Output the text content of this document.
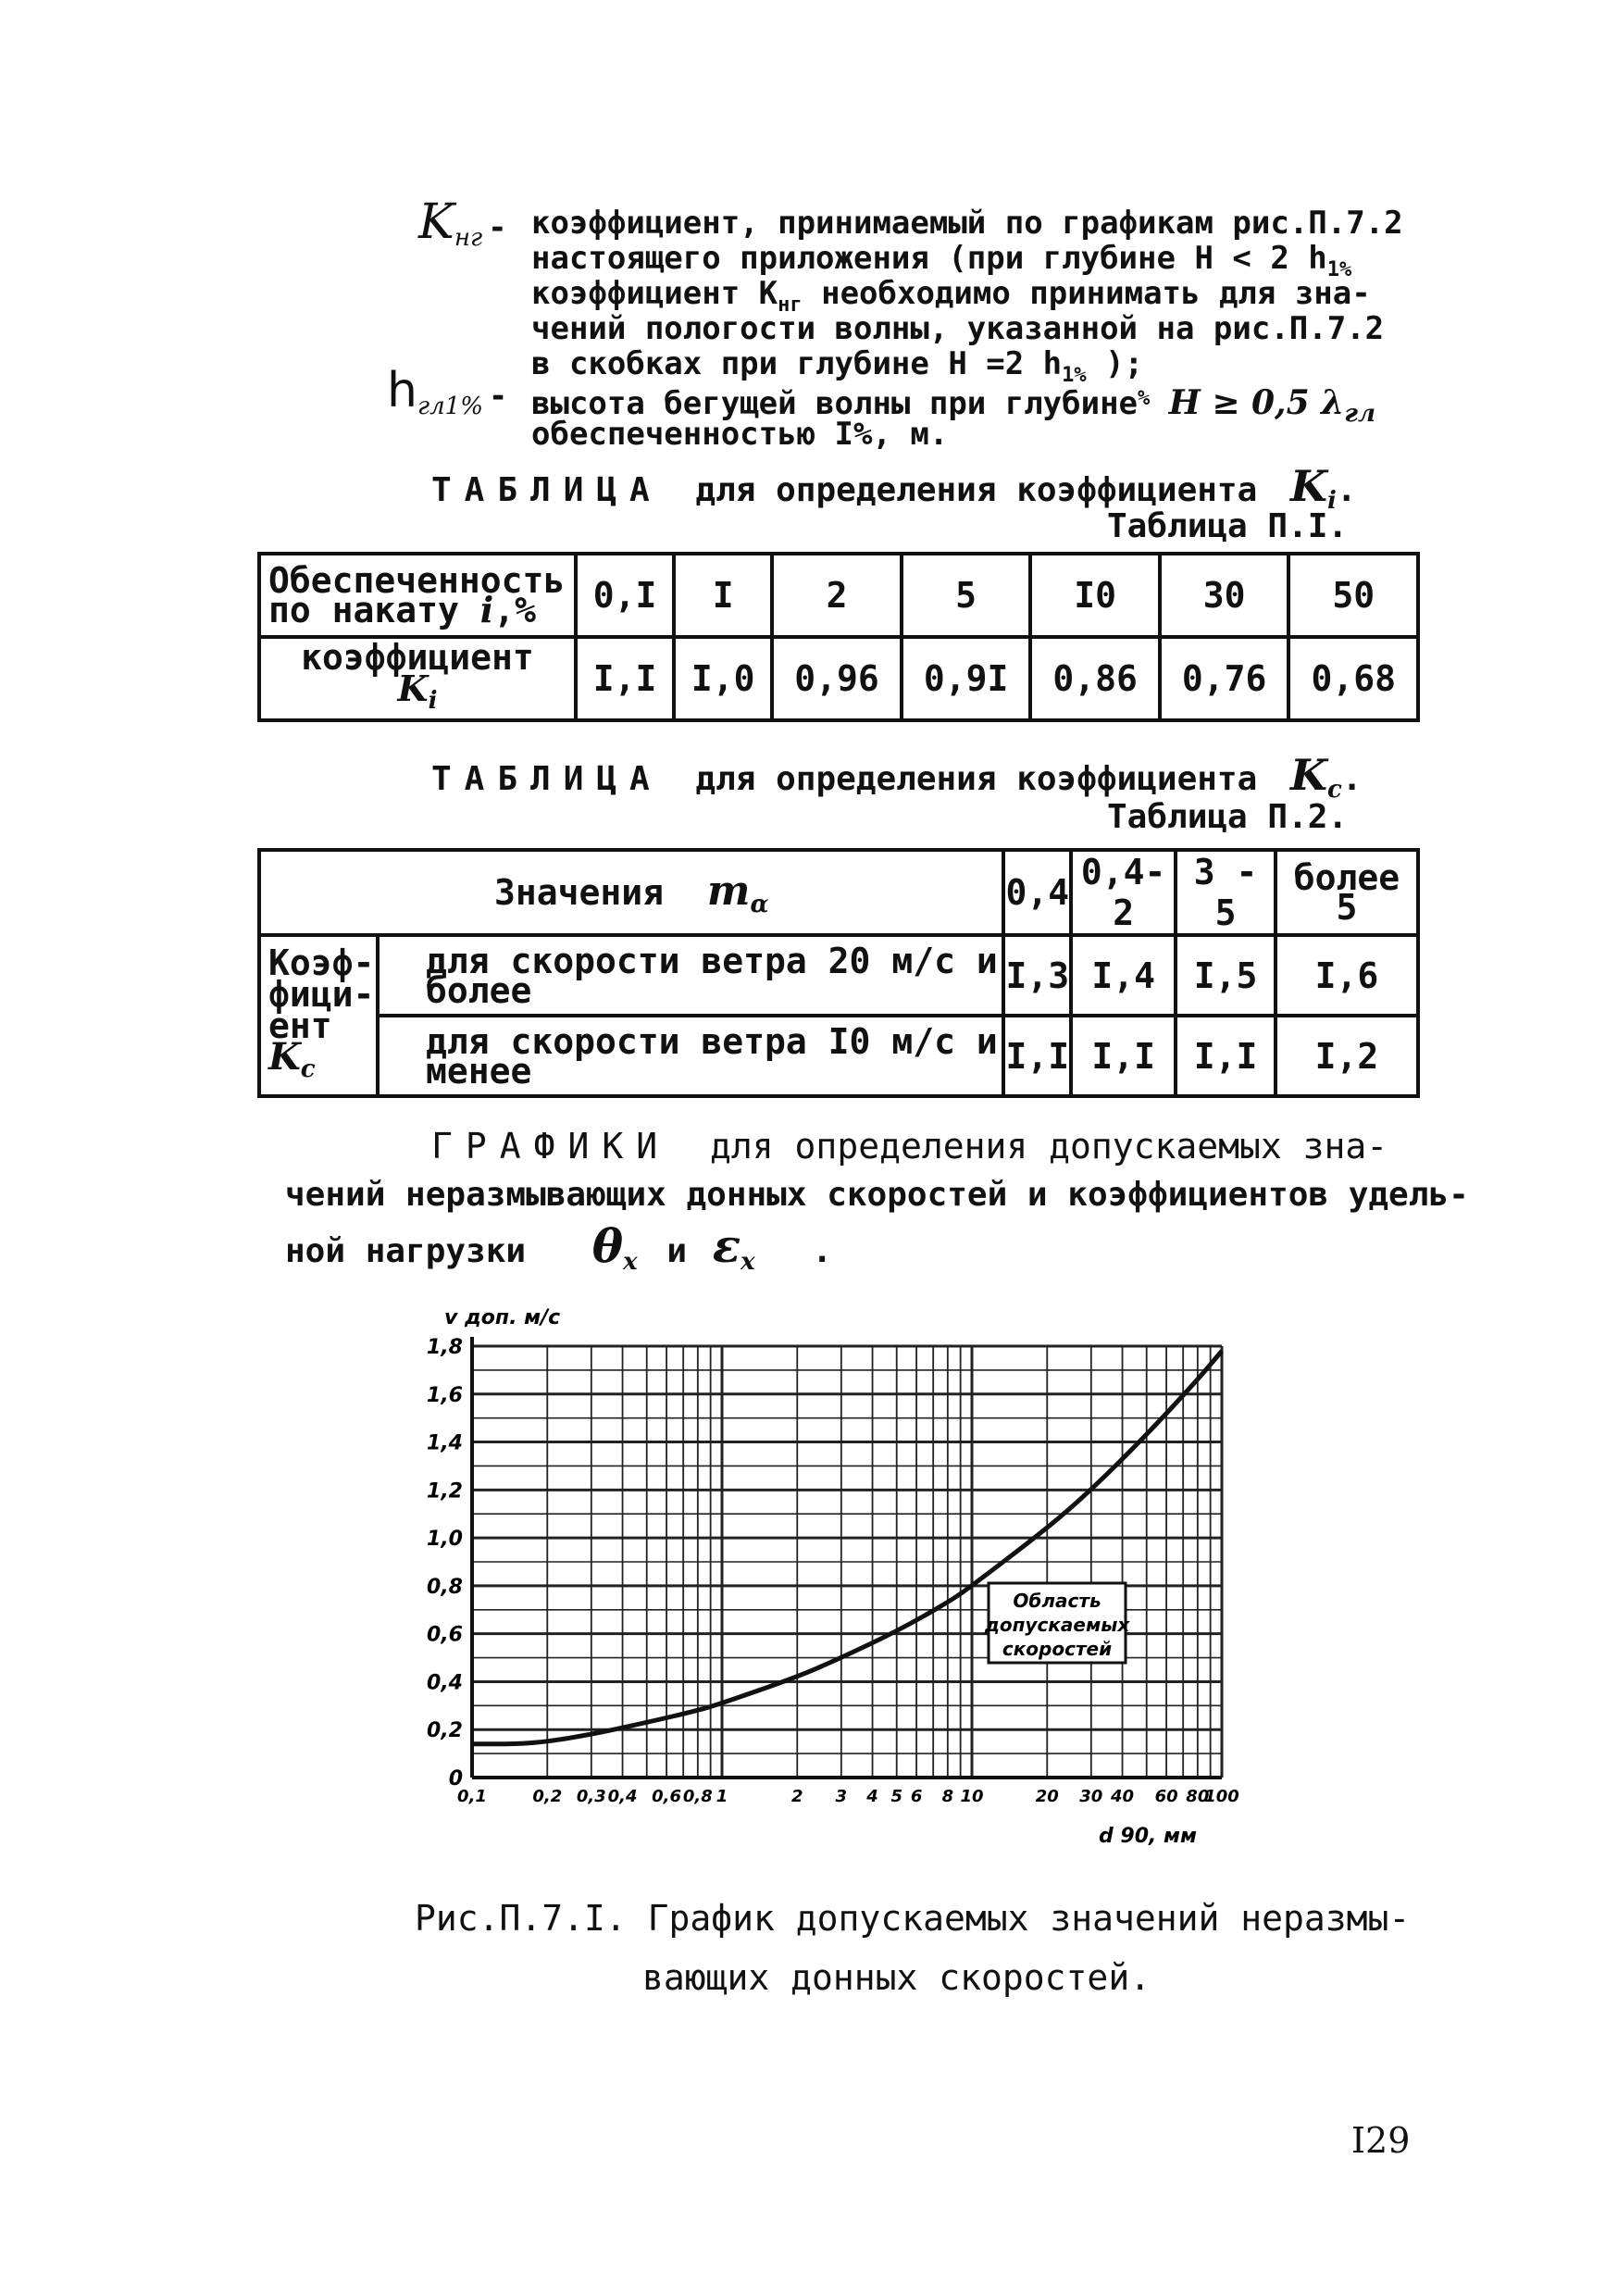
Kнг - коэффициент, принимаемый по графикам рис.П.7.2
настоящего приложения (при глубине H < 2 $h_{1\%}$
коэффициент $K_{нг}$ необходимо принимать для зна-
чений пологости волны, указанной на рис.П.7.2
в скобках при глубине H =2 $h_{1\%}$ );
hгл1% - высота бегущей волны при глубине% H ≥ 0,5 $\lambda_{гл}$
обеспеченностью I%, м.
ТАБЛИЦА для определения коэффициента $K_i$.
Таблица П.I.
Обеспеченность
по накату i,%	0,I	I	2	5	I0	30	50
коэффициент
$K_i$	I,I	I,0	0,96	0,9I	0,86	0,76	0,68
ТАБЛИЦА для определения коэффициента $K_c$.
Таблица П.2.
Значения $m_\alpha$		0,4	0,4-2	3 - 5	более 5
Коэф-
фици-
ент
$K_c$	для скорости ветра 20 м/с и более	I,3	I,4	I,5	I,6
	для скорости ветра I0 м/с и менее	I,I	I,I	I,I	I,2
ГРАФИКИ для определения допускаемых зна-
чений неразмывающих донных скоростей и коэффициентов удель-
ной нагрузки $\theta_x$ и $\varepsilon_x$ .
0
0,2
0,4
0,6
0,8
1,0
1,2
1,4
1,6
1,8
0,1	0,2 0,3 0,4 0,6 0,8 1	2 3 4 5 6 8 10	20 30 40 60 80
100
Область
допускаемых
скоростей
v доп. м/с
d 90, мм
Рис.П.7.I. График допускаемых значений неразмы-
вающих донных скоростей.
I29
